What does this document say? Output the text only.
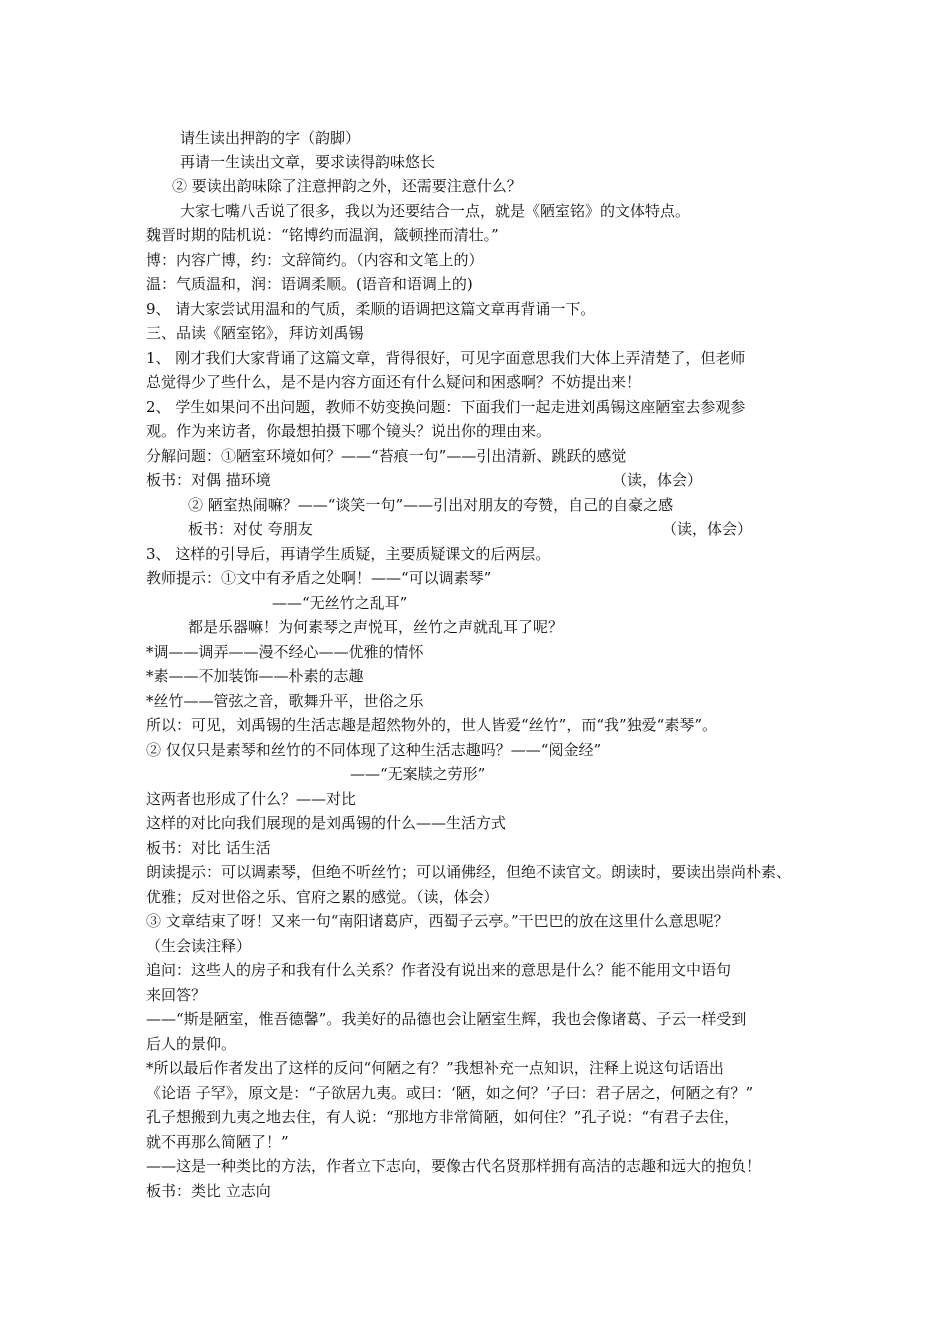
请生读出押韵的字（韵脚）
再请一生读出文章，要求读得韵味悠长
② 要读出韵味除了注意押韵之外，还需要注意什么？
大家七嘴八舌说了很多，我以为还要结合一点，就是《陋室铭》的文体特点。
魏晋时期的陆机说：“铭博约而温润，箴顿挫而清壮。”
博：内容广博，约：文辞简约。（内容和文笔上的）
温：气质温和，润：语调柔顺。(语音和语调上的)
9、 请大家尝试用温和的气质，柔顺的语调把这篇文章再背诵一下。
三、品读《陋室铭》，拜访刘禹锡
1、 刚才我们大家背诵了这篇文章，背得很好，可见字面意思我们大体上弄清楚了，但老师
总觉得少了些什么，是不是内容方面还有什么疑问和困惑啊？不妨提出来！
2、 学生如果问不出问题，教师不妨变换问题：下面我们一起走进刘禹锡这座陋室去参观参
观。作为来访者，你最想拍摄下哪个镜头？说出你的理由来。
分解问题：①陋室环境如何？——“苔痕一句”——引出清新、跳跃的感觉
板书：对偶 描环境	（读，体会）
② 陋室热闹嘛？——“谈笑一句”——引出对朋友的夸赞，自己的自豪之感
板书：对仗 夸朋友	（读，体会）
3、 这样的引导后，再请学生质疑，主要质疑课文的后两层。
教师提示：①文中有矛盾之处啊！——“可以调素琴”
——“无丝竹之乱耳”
都是乐器嘛！为何素琴之声悦耳，丝竹之声就乱耳了呢？
*调——调弄——漫不经心——优雅的情怀
*素——不加装饰——朴素的志趣
*丝竹——管弦之音，歌舞升平，世俗之乐
所以：可见，刘禹锡的生活志趣是超然物外的，世人皆爱“丝竹”，而“我”独爱“素琴”。
② 仅仅只是素琴和丝竹的不同体现了这种生活志趣吗？——“阅金经”
——“无案牍之劳形”
这两者也形成了什么？——对比
这样的对比向我们展现的是刘禹锡的什么——生活方式
板书：对比 话生活
朗读提示：可以调素琴，但绝不听丝竹；可以诵佛经，但绝不读官文。朗读时，要读出崇尚朴素、
优雅；反对世俗之乐、官府之累的感觉。（读，体会）
③ 文章结束了呀！又来一句“南阳诸葛庐，西蜀子云亭。”干巴巴的放在这里什么意思呢？
（生会读注释）
追问：这些人的房子和我有什么关系？作者没有说出来的意思是什么？能不能用文中语句
来回答？
——“斯是陋室，惟吾德馨”。我美好的品德也会让陋室生辉，我也会像诸葛、子云一样受到
后人的景仰。
*所以最后作者发出了这样的反问“何陋之有？”我想补充一点知识，注释上说这句话语出
《论语 子罕》，原文是：“子欲居九夷。或曰：‘陋，如之何？’子曰：君子居之，何陋之有？”
孔子想搬到九夷之地去住，有人说：“那地方非常简陋，如何住？”孔子说：“有君子去住，
就不再那么简陋了！”
——这是一种类比的方法，作者立下志向，要像古代名贤那样拥有高洁的志趣和远大的抱负！
板书：类比 立志向
